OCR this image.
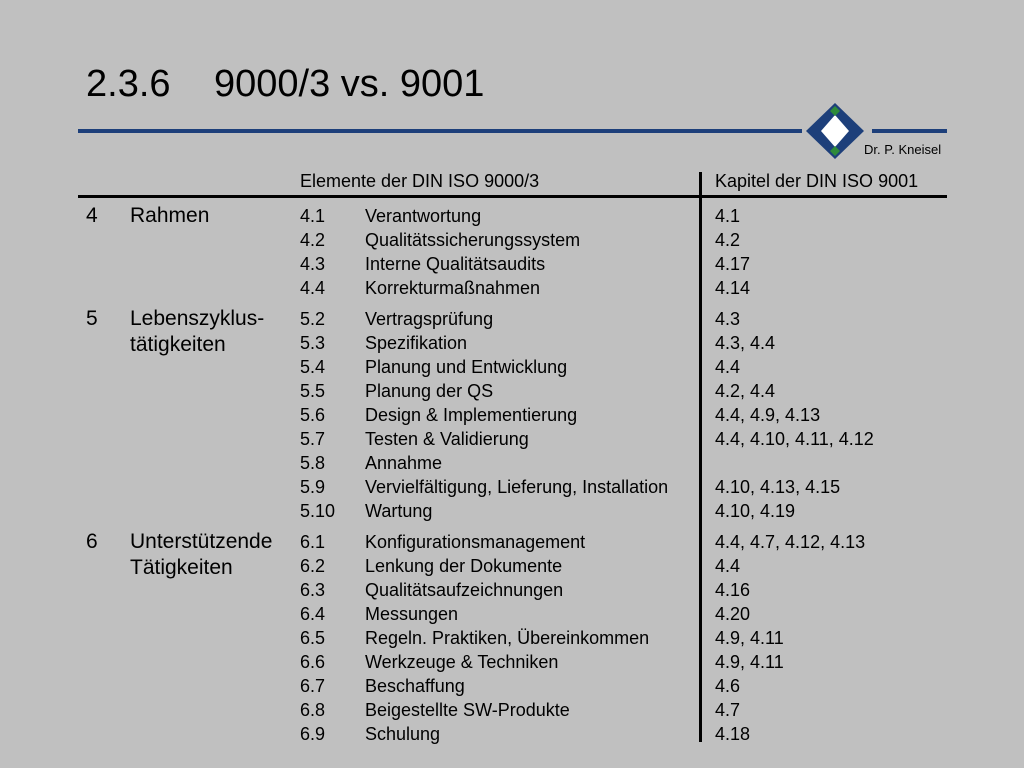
2.3.6 9000/3 vs. 9001
Dr. P. Kneisel
Elemente der DIN ISO 9000/3	Kapitel der DIN ISO 9001
4 Rahmen	4.1 Verantwortung	4.1
4.2 Qualitätssicherungssystem	4.2
4.3 Interne Qualitätsaudits	4.17
4.4 Korrekturmaßnahmen	4.14
5 Lebenszyklus-
tätigkeiten
5.2 Vertragsprüfung	4.3
5.3 Spezifikation	4.3, 4.4
5.4 Planung und Entwicklung	4.4
5.5 Planung der QS	4.2, 4.4
5.6 Design & Implementierung	4.4, 4.9, 4.13
5.7 Testen & Validierung	4.4, 4.10, 4.11, 4.12
5.8 Annahme
5.9 Vervielfältigung, Lieferung, Installation	4.10, 4.13, 4.15
5.10 Wartung	4.10, 4.19
6 Unterstützende
Tätigkeiten
6.1 Konfigurationsmanagement	4.4, 4.7, 4.12, 4.13
6.2 Lenkung der Dokumente	4.4
6.3 Qualitätsaufzeichnungen	4.16
6.4 Messungen	4.20
6.5 Regeln. Praktiken, Übereinkommen	4.9, 4.11
6.6 Werkzeuge & Techniken	4.9, 4.11
6.7 Beschaffung	4.6
6.8 Beigestellte SW-Produkte	4.7
6.9 Schulung	4.18
